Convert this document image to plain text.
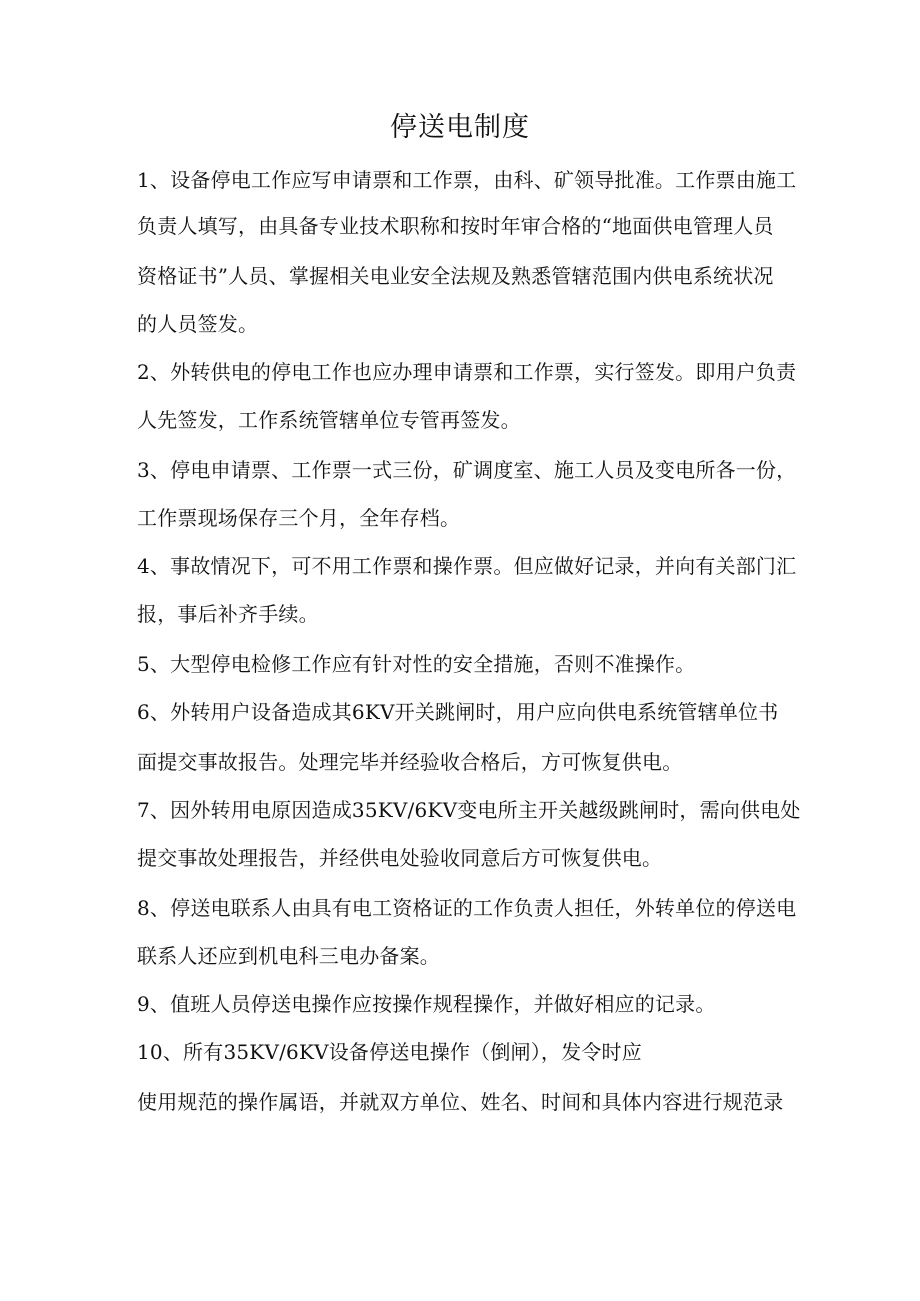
停送电制度
1、设备停电工作应写申请票和工作票，由科、矿领导批准。工作票由施工
负责人填写，由具备专业技术职称和按时年审合格的“地面供电管理人员
资格证书”人员、掌握相关电业安全法规及熟悉管辖范围内供电系统状况
的人员签发。
2、外转供电的停电工作也应办理申请票和工作票，实行签发。即用户负责
人先签发，工作系统管辖单位专管再签发。
3、停电申请票、工作票一式三份，矿调度室、施工人员及变电所各一份，
工作票现场保存三个月，全年存档。
4、事故情况下，可不用工作票和操作票。但应做好记录，并向有关部门汇
报，事后补齐手续。
5、大型停电检修工作应有针对性的安全措施，否则不准操作。
6、外转用户设备造成其6KV开关跳闸时，用户应向供电系统管辖单位书
面提交事故报告。处理完毕并经验收合格后，方可恢复供电。
7、因外转用电原因造成35KV/6KV变电所主开关越级跳闸时，需向供电处
提交事故处理报告，并经供电处验收同意后方可恢复供电。
8、停送电联系人由具有电工资格证的工作负责人担任，外转单位的停送电
联系人还应到机电科三电办备案。
9、值班人员停送电操作应按操作规程操作，并做好相应的记录。
10、所有35KV/6KV设备停送电操作（倒闸），发令时应
使用规范的操作属语，并就双方单位、姓名、时间和具体内容进行规范录
